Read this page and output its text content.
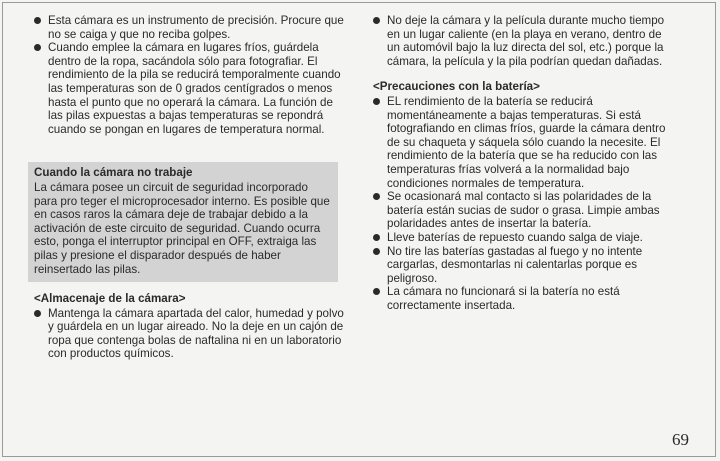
Esta cámara es un instrumento de precisión. Procure que no se caiga y que no reciba golpes.
Cuando emplee la cámara en lugares fríos, guárdela dentro de la ropa, sacándola sólo para fotografiar. El rendimiento de la pila se reducirá temporalmente cuando las temperaturas son de 0 grados centígrados o menos hasta el punto que no operará la cámara. La función de las pilas expuestas a bajas temperaturas se repondrá cuando se pongan en lugares de temperatura normal.

Cuando la cámara no trabaje

La cámara posee un circuit de seguridad incorporado para pro teger el microprocesador interno. Es posible que en casos raros la cámara deje de trabajar debido a la activación de este circuito de seguridad. Cuando ocurra esto, ponga el interruptor principal en OFF, extraiga las pilas y presione el disparador después de haber reinsertado las pilas.

<Almacenaje de la cámara>

Mantenga la cámara apartada del calor, humedad y polvo y guárdela en un lugar aireado. No la deje en un cajón de ropa que contenga bolas de naftalina ni en un laboratorio con productos químicos.
No deje la cámara y la película durante mucho tiempo en un lugar caliente (en la playa en verano, dentro de un automóvil bajo la luz directa del sol, etc.) porque la cámara, la película y la pila podrían quedan dañadas.

<Precauciones con la batería>

EL rendimiento de la batería se reducirá momentáneamente a bajas temperaturas. Si está fotografiando en climas fríos, guarde la cámara dentro de su chaqueta y sáquela sólo cuando la necesite. El rendimiento de la batería que se ha reducido con las temperaturas frías volverá a la normalidad bajo condiciones normales de temperatura.
Se ocasionará mal contacto si las polaridades de la batería están sucias de sudor o grasa. Limpie ambas polaridades antes de insertar la batería.
Lleve baterías de repuesto cuando salga de viaje.
No tire las baterías gastadas al fuego y no intente cargarlas, desmontarlas ni calentarlas porque es peligroso.
La cámara no funcionará si la batería no está correctamente insertada.
69
